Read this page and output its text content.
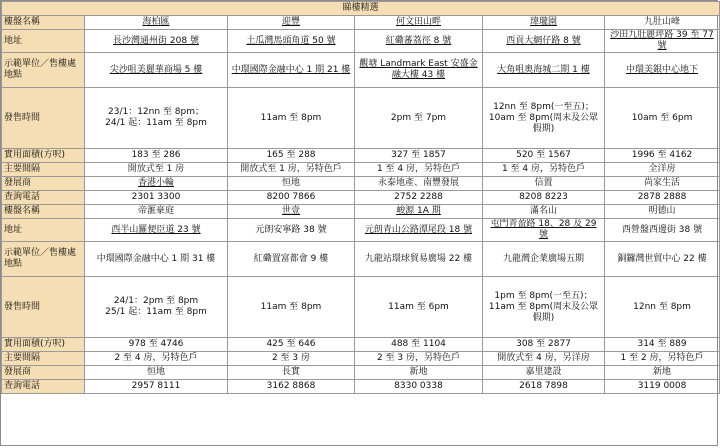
睇樓精選					
樓盤名稱	海柏匯	迎豐	何文田山畔	瑋瓏園	九肚山峰

地址	長沙灣通州街 208 號	土瓜灣馬頭角道 50 號	紅磡蕃荔徑 8 號	西貢大網仔路 8 號	沙田九肚麗坪路 39 至 77 號

示範單位／售樓處地點	尖沙咀美麗華商場 5 樓	中環國際金融中心 1 期 21 樓	觀塘 Landmark East 安盛金融大樓 43 樓	大角咀奧海城二期 1 樓	中環美銀中心地下

發售時間	23/1：12nn 至 8pm；
24/1 起：11am 至 8pm	11am 至 8pm	2pm 至 7pm	12nn 至 8pm(一至五)；
10am 至 8pm(周末及公眾假期)	10am 至 6pm

實用面積(方呎)	183 至 286	165 至 288	327 至 1857	520 至 1567	1996 至 4162

主要間隔	開放式至 1 房	開放式至 1 房，另特色戶	1 至 4 房，另特色戶	1 至 4 房，另特色戶	全洋房

發展商	香港小輪	恒地	永泰地產、南豐發展	信置	尚家生活

查詢電話	2301 3300	8200 7866	2752 2288	8208 8223	2878 2888

樓盤名稱	帝滙豪庭	世壹	峻源 1A 期	滿名山	明德山

地址	西半山羅便臣道 23 號	元朗安寧路 38 號	元朗青山公路潭尾段 18 號	屯門青盈路 18、28 及 29 號	西營盤西邊街 38 號

示範單位／售樓處地點	中環國際金融中心 1 期 31 樓	紅磡置富都會 9 樓	九龍站環球貿易廣場 22 樓	九龍灣企業廣場五期	銅鑼灣世貿中心 22 樓

發售時間	24/1：2pm 至 8pm
25/1 起：11am 至 8pm	11am 至 8pm	11am 至 6pm	1pm 至 8pm(一至五)；
11am 至 8pm(周末及公眾假期)	12nn 至 8pm

實用面積(方呎)	978 至 4746	425 至 646	488 至 1104	308 至 2877	314 至 889

主要間隔	2 至 4 房，另特色戶	2 至 3 房	2 至 3 房，另特色戶	開放式至 4 房，另洋房	1 至 2 房，另特色戶

發展商	恒地	長實	新地	嘉里建設	新地

查詢電話	2957 8111	3162 8868	8330 0338	2618 7898	3119 0008
